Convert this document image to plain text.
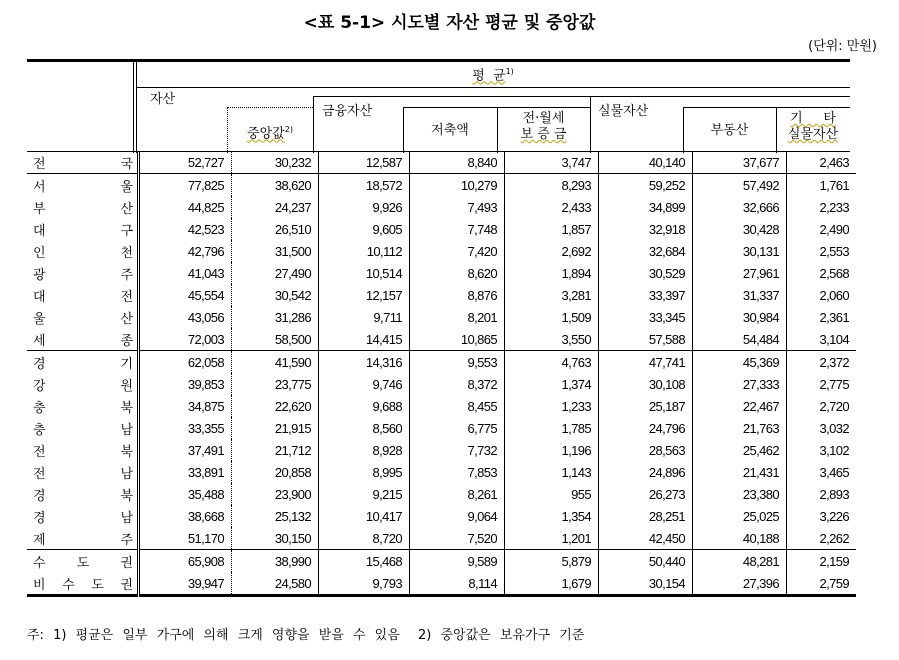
<표 5-1> 시도별 자산 평균 및 중앙값
(단위: 만원)
평  균$^{1)}$
자산
중앙값$^{2)}$
금융자산
저축액
전·월세
보 증 금
실물자산
부동산
기     타
실물자산
전 국	52,727	30,232	12,587	8,840	3,747	40,140	37,677	2,463
서 울	77,825	38,620	18,572	10,279	8,293	59,252	57,492	1,761
부 산	44,825	24,237	9,926	7,493	2,433	34,899	32,666	2,233
대 구	42,523	26,510	9,605	7,748	1,857	32,918	30,428	2,490
인 천	42,796	31,500	10,112	7,420	2,692	32,684	30,131	2,553
광 주	41,043	27,490	10,514	8,620	1,894	30,529	27,961	2,568
대 전	45,554	30,542	12,157	8,876	3,281	33,397	31,337	2,060
울 산	43,056	31,286	9,711	8,201	1,509	33,345	30,984	2,361
세 종	72,003	58,500	14,415	10,865	3,550	57,588	54,484	3,104
경 기	62,058	41,590	14,316	9,553	4,763	47,741	45,369	2,372
강 원	39,853	23,775	9,746	8,372	1,374	30,108	27,333	2,775
충 북	34,875	22,620	9,688	8,455	1,233	25,187	22,467	2,720
충 남	33,355	21,915	8,560	6,775	1,785	24,796	21,763	3,032
전 북	37,491	21,712	8,928	7,732	1,196	28,563	25,462	3,102
전 남	33,891	20,858	8,995	7,853	1,143	24,896	21,431	3,465
경 북	35,488	23,900	9,215	8,261	955	26,273	23,380	2,893
경 남	38,668	25,132	10,417	9,064	1,354	28,251	25,025	3,226
제 주	51,170	30,150	8,720	7,520	1,201	42,450	40,188	2,262
수 도 권	65,908	38,990	15,468	9,589	5,879	50,440	48,281	2,159
비 수 도 권	39,947	24,580	9,793	8,114	1,679	30,154	27,396	2,759
주: 1) 평균은 일부 가구에 의해 크게 영향을 받을 수 있음  2) 중앙값은 보유가구 기준
